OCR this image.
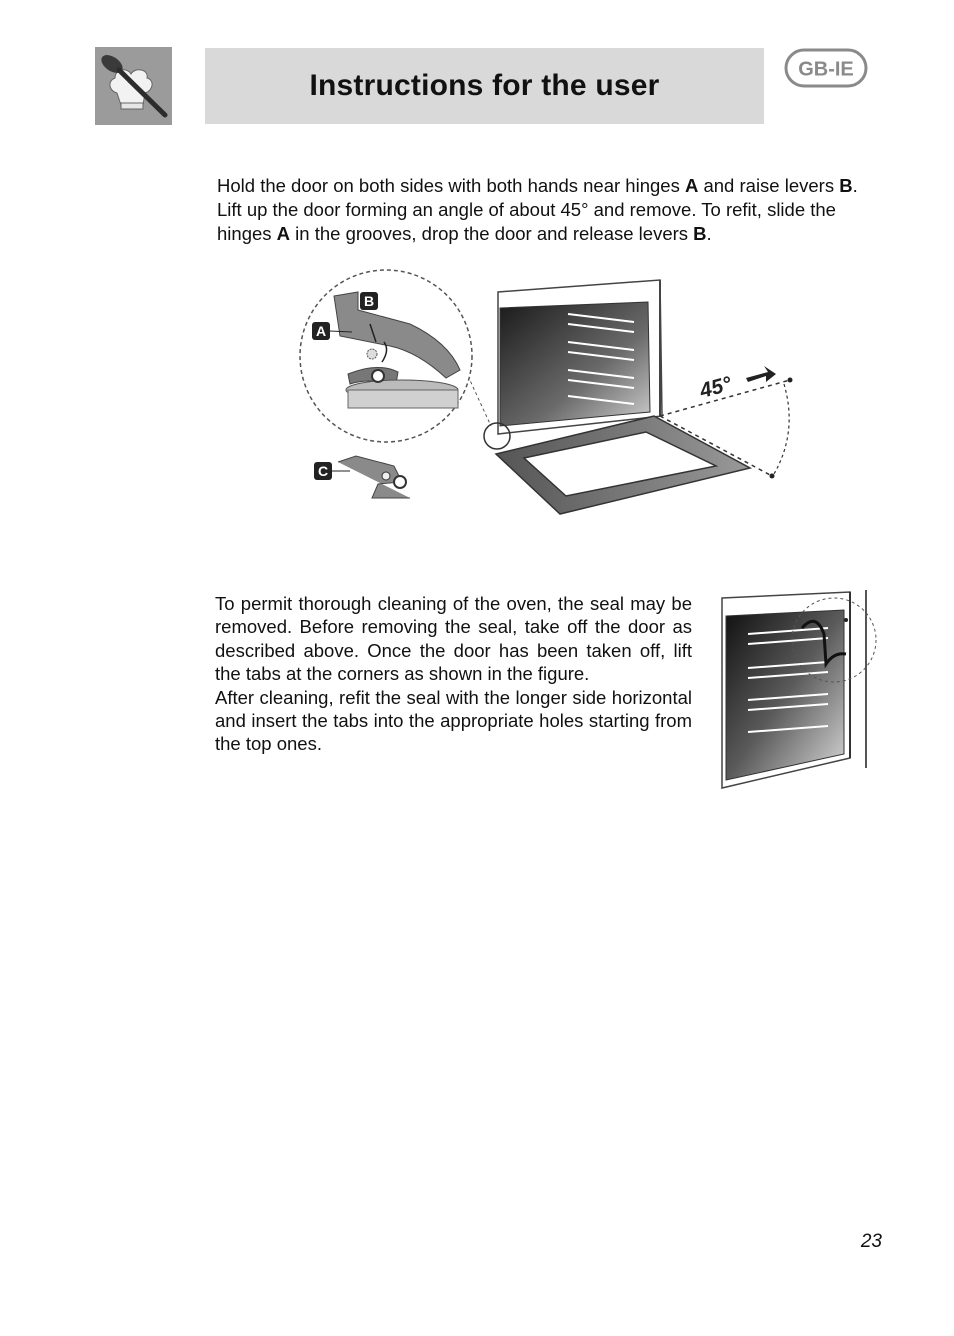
Instructions for the user	GB-IE

Hold the door on both sides with both hands near hinges A and raise levers B. Lift up the door forming an angle of about 45° and remove. To refit, slide the hinges A in the grooves, drop the door and release levers B.

45°
A
B
C
To permit thorough cleaning of the oven, the seal may be removed. Before removing the seal, take off the door as described above. Once the door has been taken off, lift the tabs at the corners as shown in the figure.
After cleaning, refit the seal with the longer side horizontal and insert the tabs into the appropriate holes starting from the top ones.
23
